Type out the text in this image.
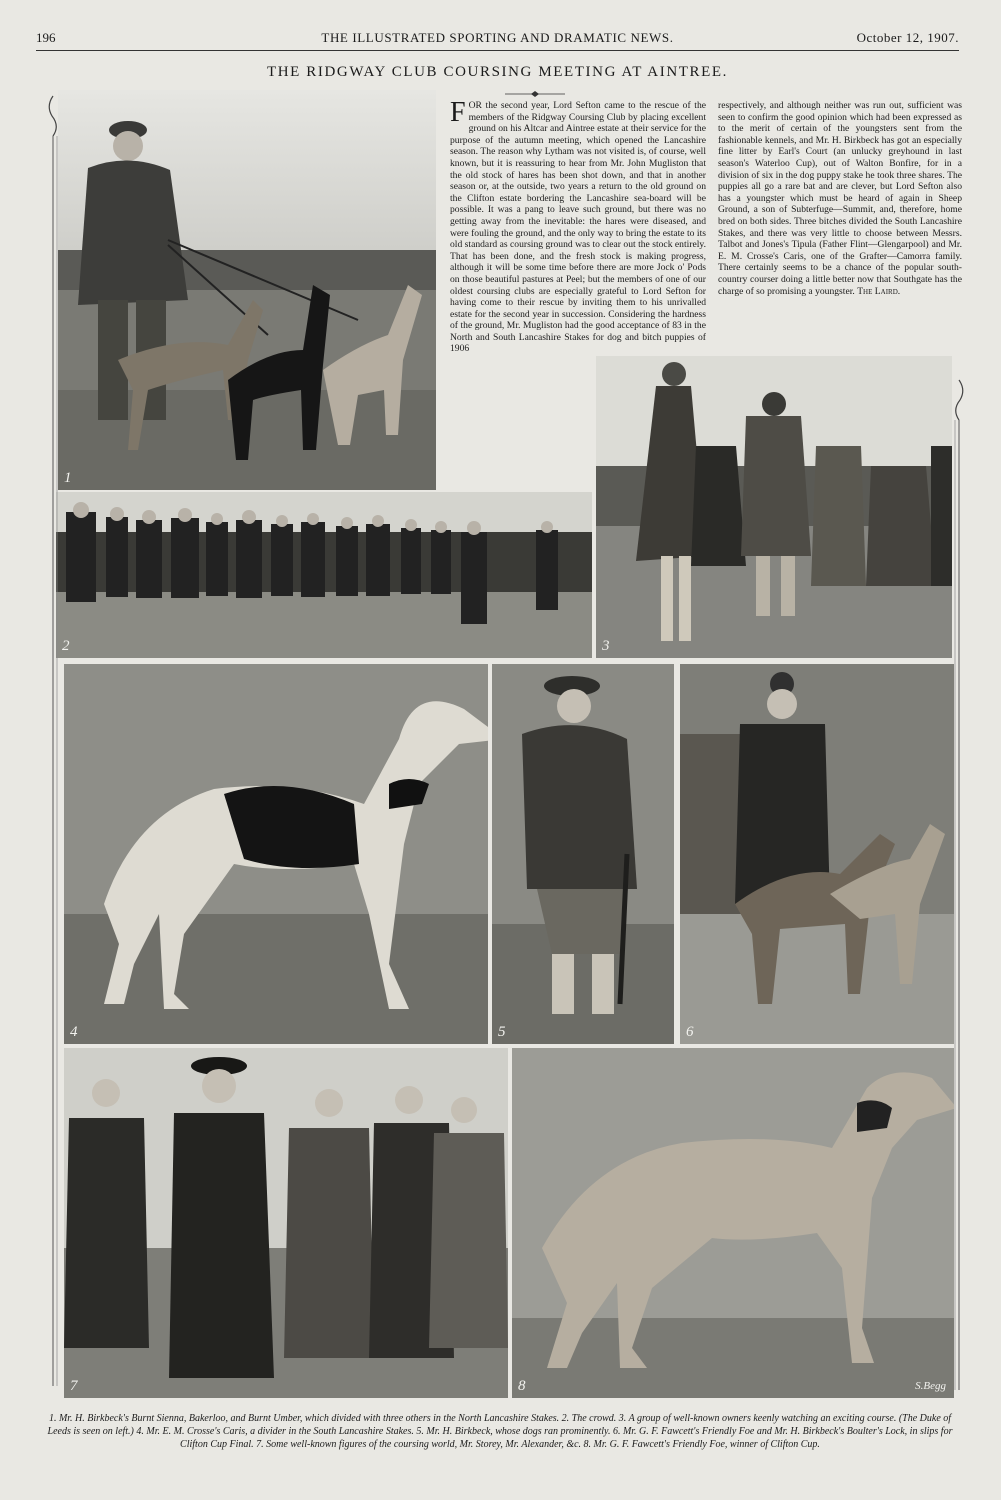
196	THE ILLUSTRATED SPORTING AND DRAMATIC NEWS.	October 12, 1907.
THE RIDGWAY CLUB COURSING MEETING AT AINTREE.
1
FOR the second year, Lord Sefton came to the rescue of the members of the Ridgway Coursing Club by placing excellent ground on his Altcar and Aintree estate at their service for the purpose of the autumn meeting, which opened the Lancashire season. The reason why Lytham was not visited is, of course, well known, but it is reassuring to hear from Mr. John Mugliston that the old stock of hares has been shot down, and that in another season or, at the outside, two years a return to the old ground on the Clifton estate bordering the Lancashire sea-board will be possible. It was a pang to leave such ground, but there was no getting away from the inevitable: the hares were diseased, and were fouling the ground, and the only way to bring the estate to its old standard as coursing ground was to clear out the stock entirely. That has been done, and the fresh stock is making progress, although it will be some time before there are more Jock o' Pods on those beautiful pastures at Peel; but the members of one of our oldest coursing clubs are especially grateful to Lord Sefton for having come to their rescue by inviting them to his unrivalled estate for the second year in succession. Considering the hardness of the ground, Mr. Mugliston had the good acceptance of 83 in the North and South Lancashire Stakes for dog and bitch puppies of 1906
respectively, and although neither was run out, sufficient was seen to confirm the good opinion which had been expressed as to the merit of certain of the youngsters sent from the fashionable kennels, and Mr. H. Birkbeck has got an especially fine litter by Earl's Court (an unlucky greyhound in last season's Waterloo Cup), out of Walton Bonfire, for in a division of six in the dog puppy stake he took three shares. The puppies all go a rare bat and are clever, but Lord Sefton also has a youngster which must be heard of again in Sheep Ground, a son of Subterfuge—Summit, and, therefore, home bred on both sides. Three bitches divided the South Lancashire Stakes, and there was very little to choose between Messrs. Talbot and Jones's Tipula (Father Flint—Glengarpool) and Mr. E. M. Crosse's Caris, one of the Grafter—Camorra family. There certainly seems to be a chance of the popular south-country courser doing a little better now that Southgate has the charge of so promising a youngster. The Laird.
2	3
4	5	6
7	8	S.Begg

1. Mr. H. Birkbeck's Burnt Sienna, Bakerloo, and Burnt Umber, which divided with three others in the North Lancashire Stakes. 2. The crowd. 3. A group of well-known owners keenly watching an exciting course. (The Duke of Leeds is seen on left.) 4. Mr. E. M. Crosse's Caris, a divider in the South Lancashire Stakes. 5. Mr. H. Birkbeck, whose dogs ran prominently. 6. Mr. G. F. Fawcett's Friendly Foe and Mr. H. Birkbeck's Boulter's Lock, in slips for Clifton Cup Final. 7. Some well-known figures of the coursing world, Mr. Storey, Mr. Alexander, &c. 8. Mr. G. F. Fawcett's Friendly Foe, winner of Clifton Cup.
